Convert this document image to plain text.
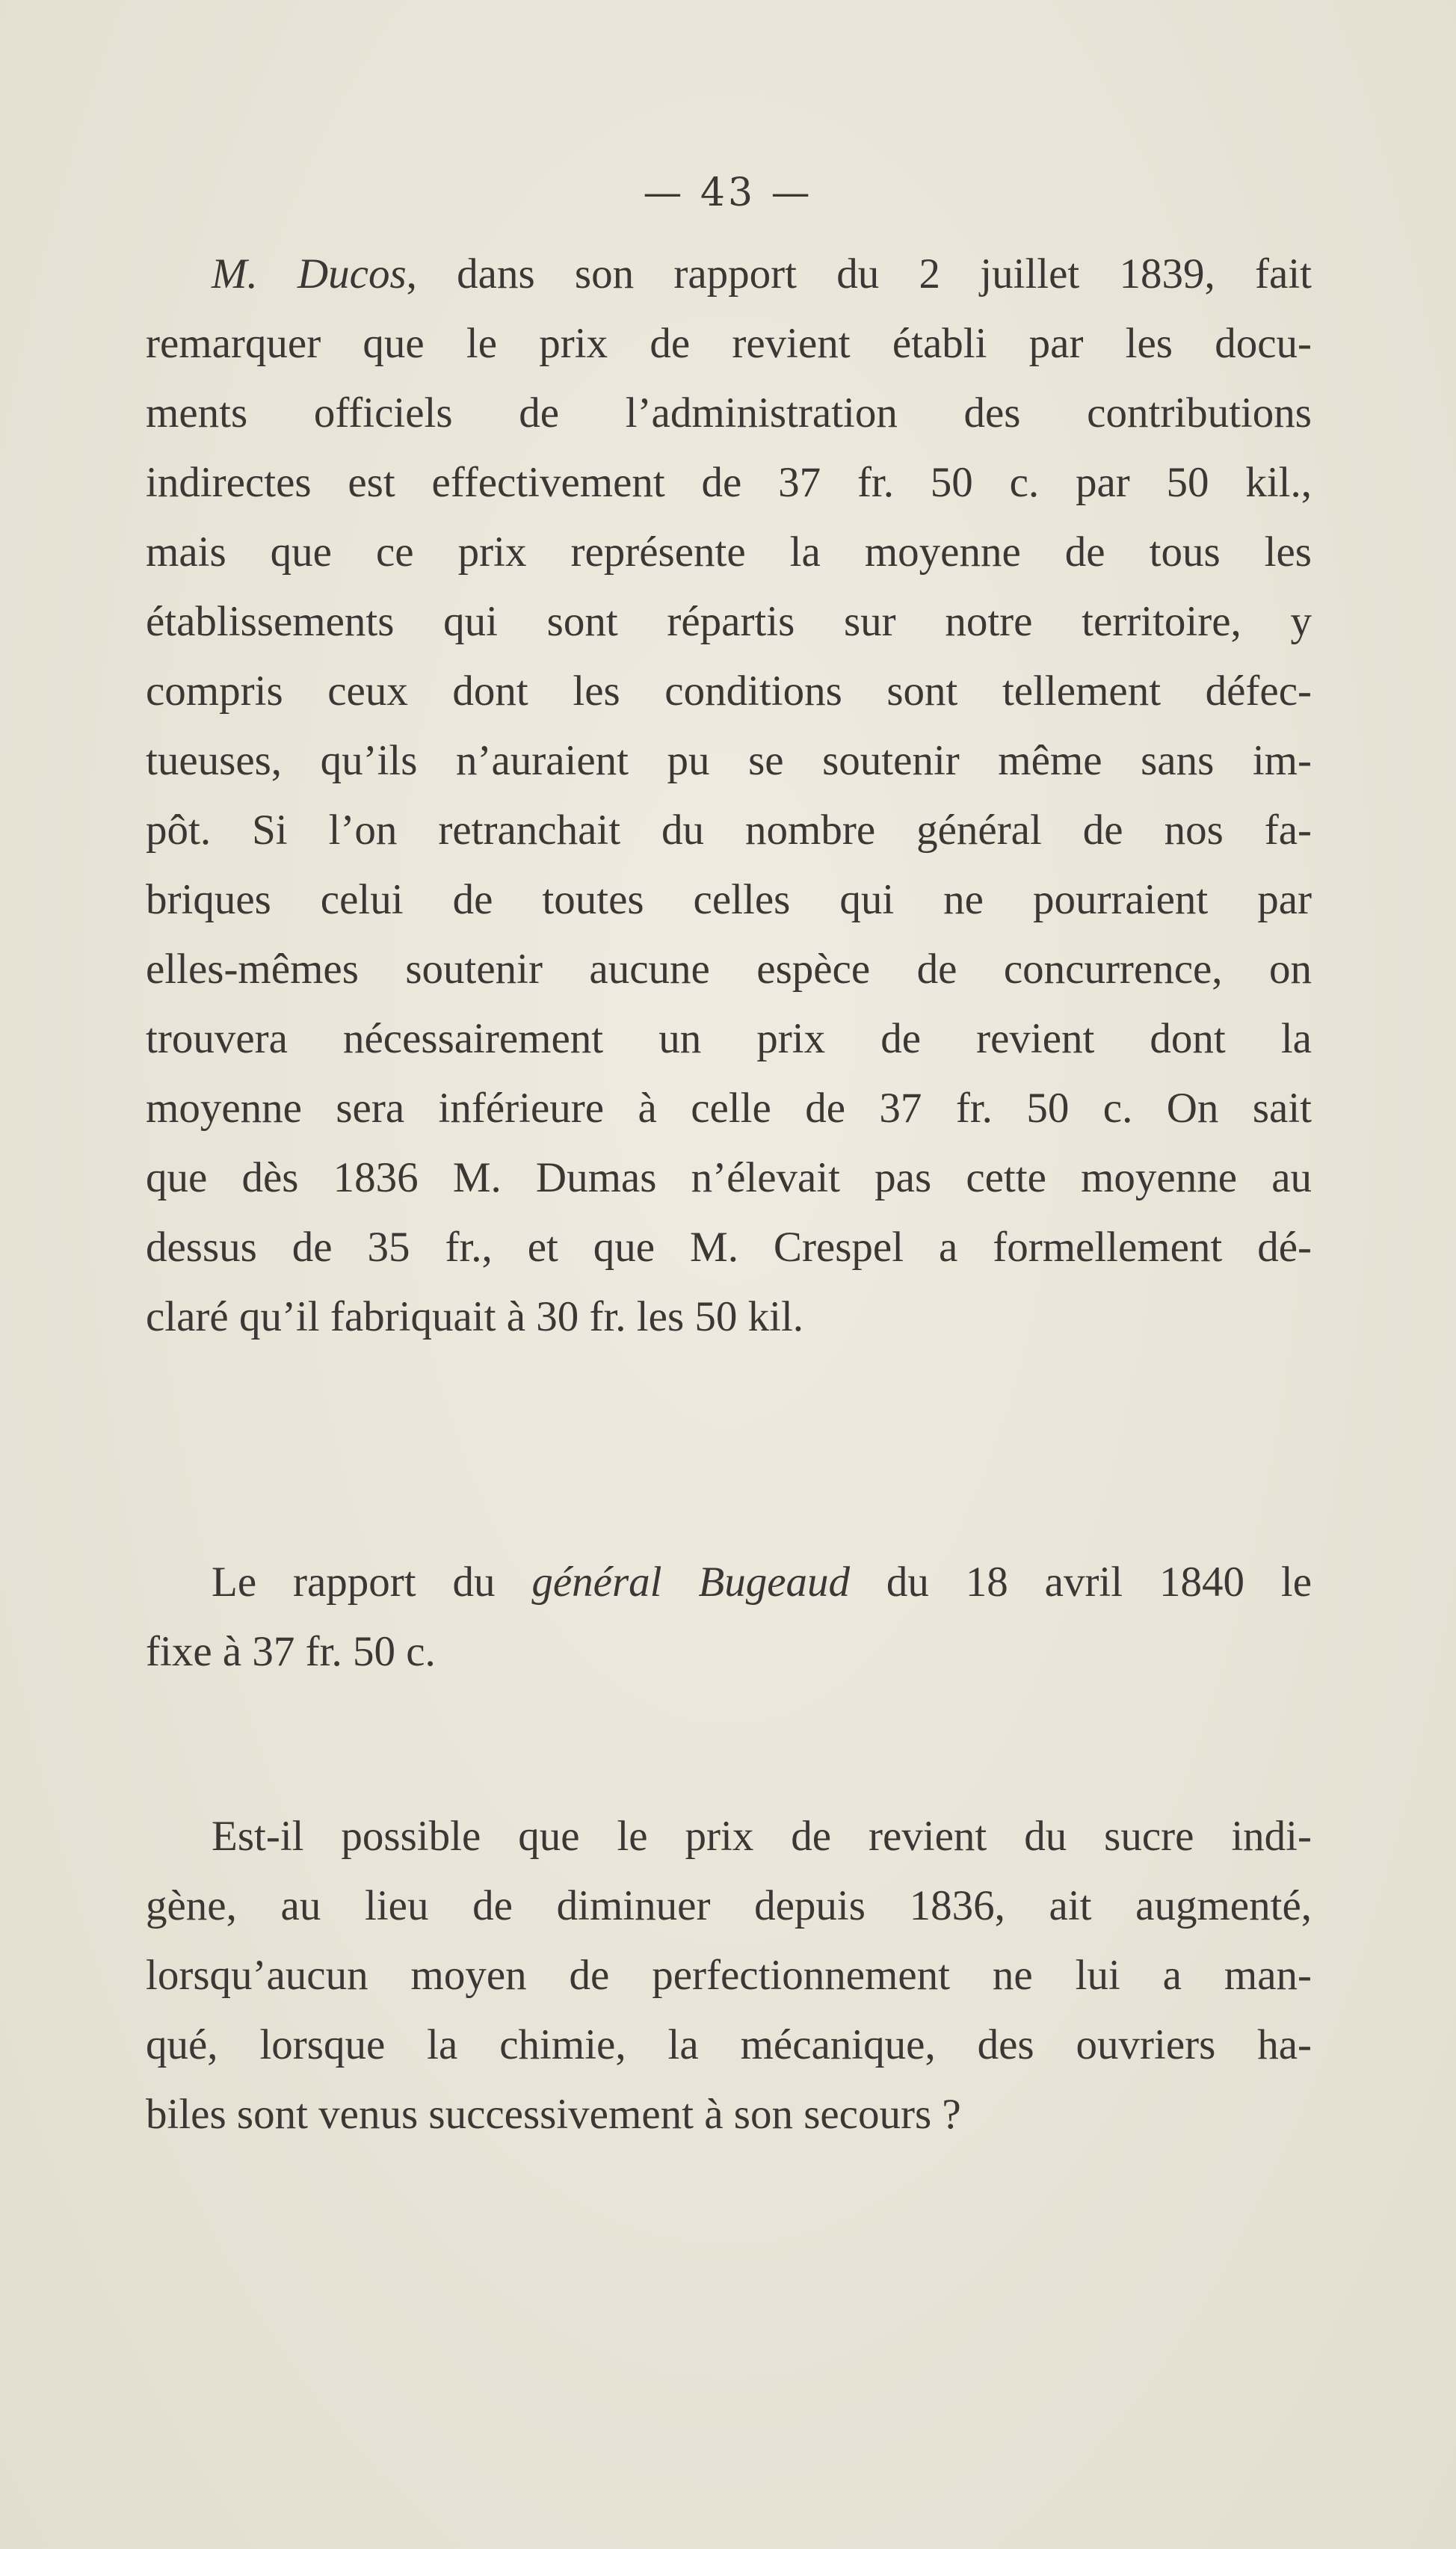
— 43 —
M. Ducos, dans son rapport du 2 juillet 1839, fait
remarquer que le prix de revient établi par les docu-
ments officiels de l’administration des contributions
indirectes est effectivement de 37 fr. 50 c. par 50 kil.,
mais que ce prix représente la moyenne de tous les
établissements qui sont répartis sur notre territoire, y
compris ceux dont les conditions sont tellement défec-
tueuses, qu’ils n’auraient pu se soutenir même sans im-
pôt. Si l’on retranchait du nombre général de nos fa-
briques celui de toutes celles qui ne pourraient par
elles-mêmes soutenir aucune espèce de concurrence, on
trouvera nécessairement un prix de revient dont la
moyenne sera inférieure à celle de 37 fr. 50 c. On sait
que dès 1836 M. Dumas n’élevait pas cette moyenne au
dessus de 35 fr., et que M. Crespel a formellement dé-
claré qu’il fabriquait à 30 fr. les 50 kil.
Le rapport du général Bugeaud du 18 avril 1840 le
fixe à 37 fr. 50 c.
Est-il possible que le prix de revient du sucre indi-
gène, au lieu de diminuer depuis 1836, ait augmenté,
lorsqu’aucun moyen de perfectionnement ne lui a man-
qué, lorsque la chimie, la mécanique, des ouvriers ha-
biles sont venus successivement à son secours ?
